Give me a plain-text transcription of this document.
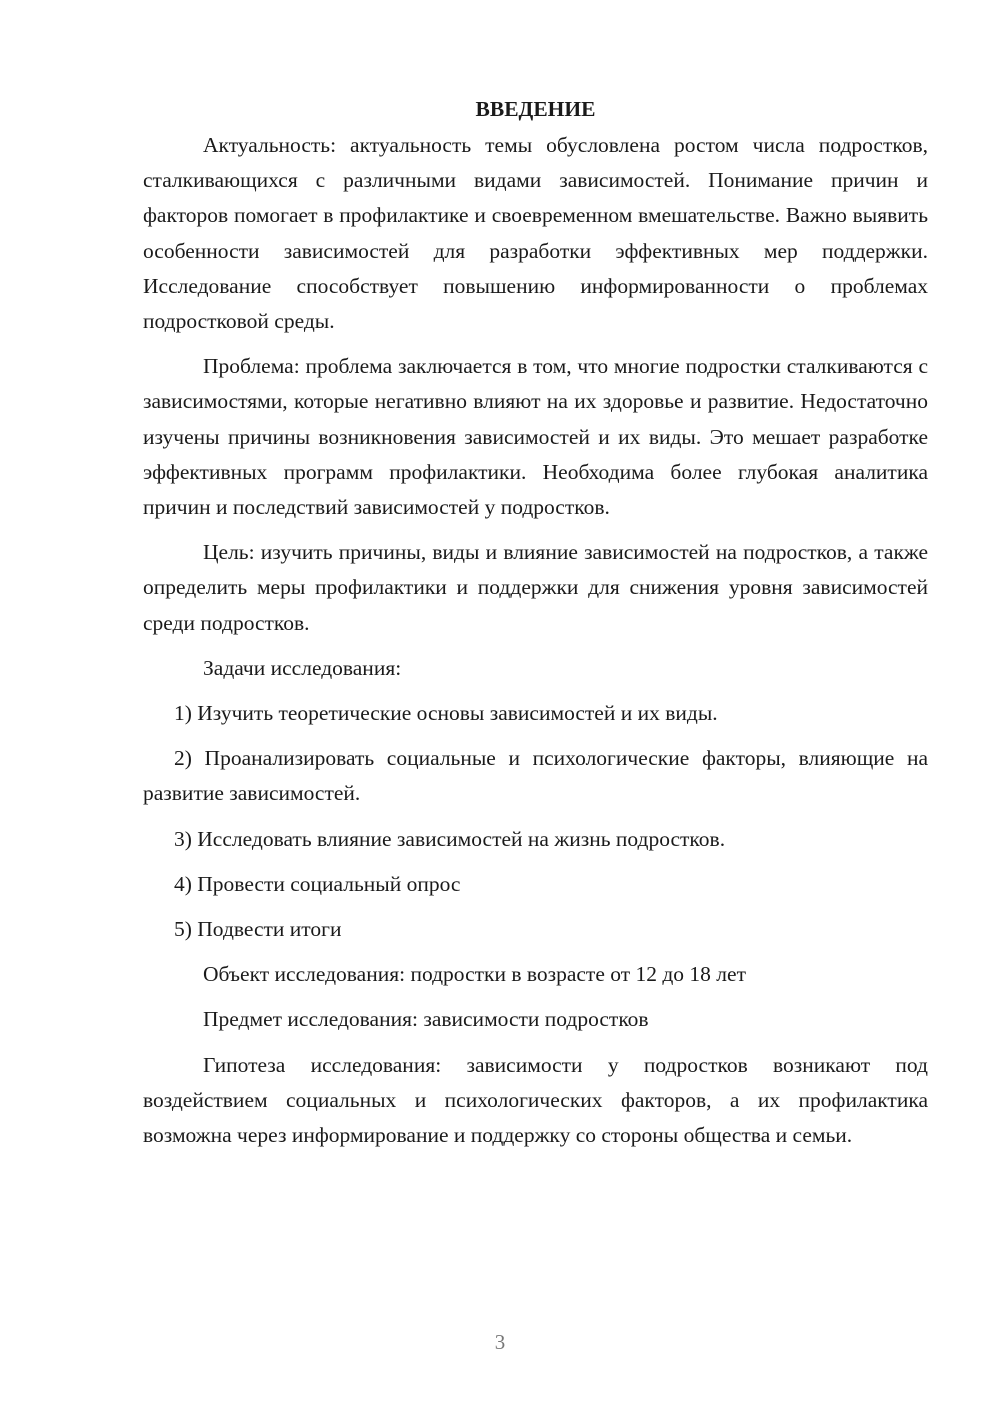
ВВЕДЕНИЕ

Актуальность: актуальность темы обусловлена ростом числа подростков, сталкивающихся с различными видами зависимостей. Понимание причин и факторов помогает в профилактике и своевременном вмешательстве. Важно выявить особенности зависимостей для разработки эффективных мер поддержки. Исследование способствует повышению информированности о проблемах подростковой среды.

Проблема: проблема заключается в том, что многие подростки сталкиваются с зависимостями, которые негативно влияют на их здоровье и развитие. Недостаточно изучены причины возникновения зависимостей и их виды. Это мешает разработке эффективных программ профилактики. Необходима более глубокая аналитика причин и последствий зависимостей у подростков.

Цель: изучить причины, виды и влияние зависимостей на подростков, а также определить меры профилактики и поддержки для снижения уровня зависимостей среди подростков.

Задачи исследования:

1) Изучить теоретические основы зависимостей и их виды.

2) Проанализировать социальные и психологические факторы, влияющие на развитие зависимостей.

3) Исследовать влияние зависимостей на жизнь подростков.

4) Провести социальный опрос

5) Подвести итоги

Объект исследования: подростки в возрасте от 12 до 18 лет

Предмет исследования: зависимости подростков

Гипотеза исследования: зависимости у подростков возникают под воздействием социальных и психологических факторов, а их профилактика возможна через информирование и поддержку со стороны общества и семьи.

3
